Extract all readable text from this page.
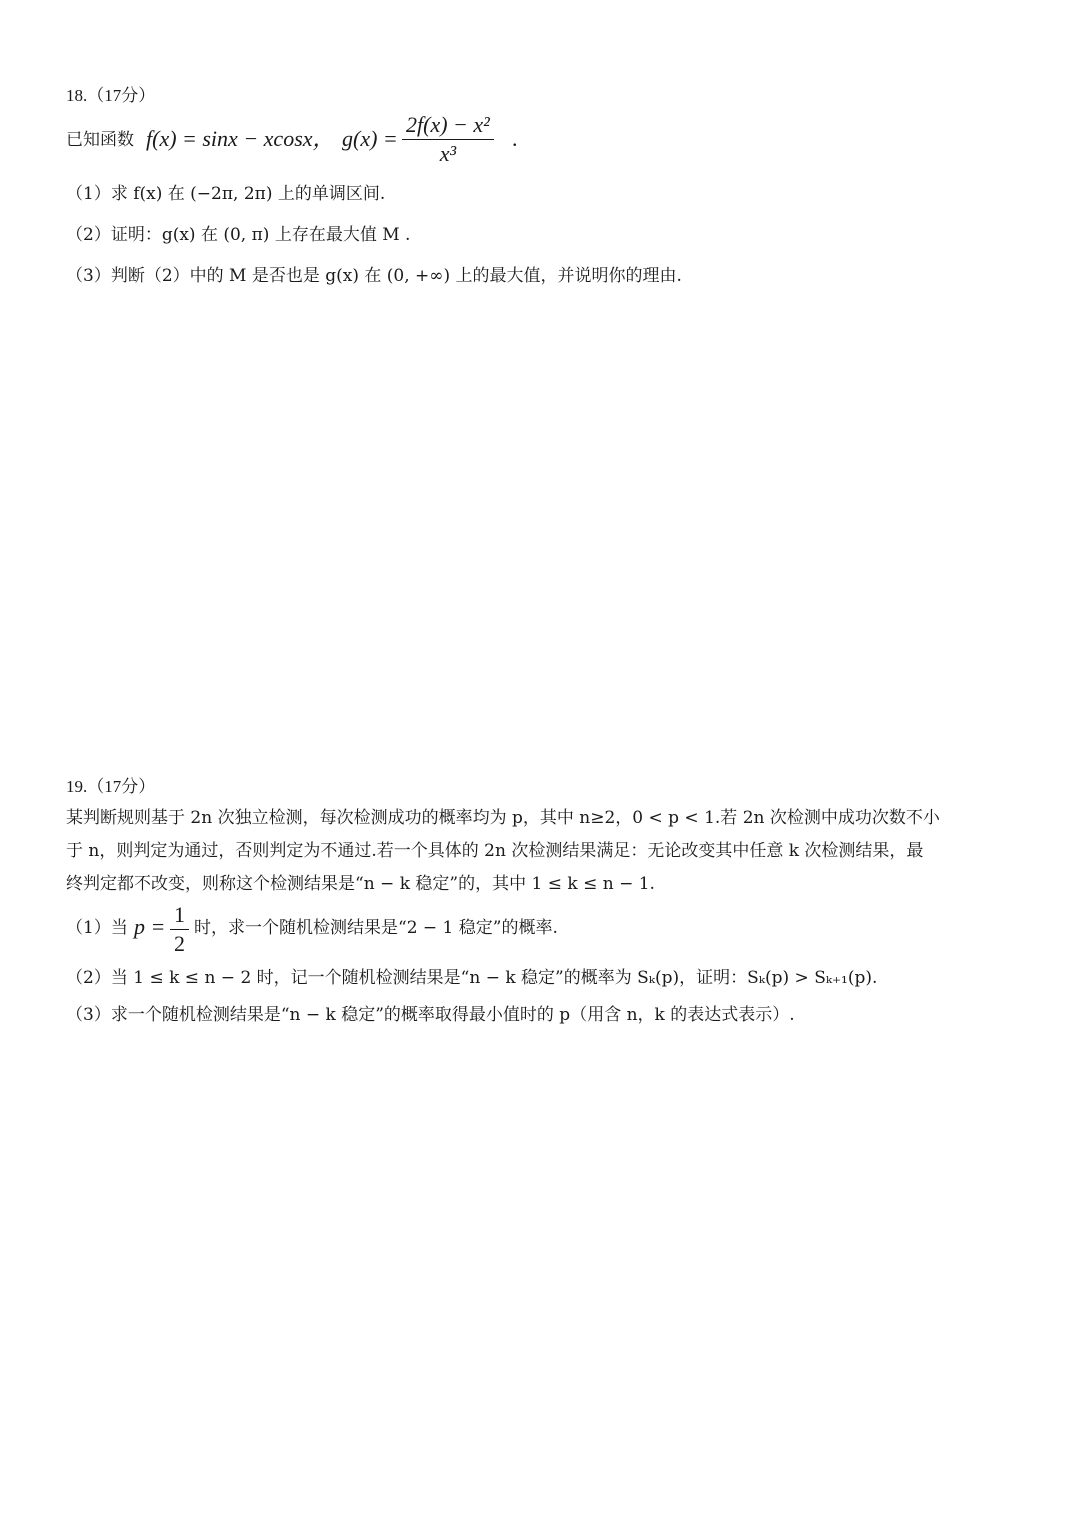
18.（17分）
已知函数 f(x) = sinx − xcosx， $g(x) = \frac{\text{2f(x) − x²}}{\text{x³}}$ .
（1）求 f(x) 在 (−2π, 2π) 上的单调区间.
（2）证明：g(x) 在 (0, π) 上存在最大值 M .
（3）判断（2）中的 M 是否也是 g(x) 在 (0, +∞) 上的最大值，并说明你的理由.
19.（17分）
某判断规则基于 2n 次独立检测，每次检测成功的概率均为 p，其中 n≥2，0 < p < 1.若 2n 次检测中成功次数不小
于 n，则判定为通过，否则判定为不通过.若一个具体的 2n 次检测结果满足：无论改变其中任意 k 次检测结果，最
终判定都不改变，则称这个检测结果是“n − k 稳定”的，其中 1 ≤ k ≤ n − 1.
（1）当 $p = \frac{1}{2}$ 时，求一个随机检测结果是“2 − 1 稳定”的概率.
（2）当 1 ≤ k ≤ n − 2 时，记一个随机检测结果是“n − k 稳定”的概率为 Sₖ(p)，证明：Sₖ(p) > Sₖ₊₁(p).
（3）求一个随机检测结果是“n − k 稳定”的概率取得最小值时的 p（用含 n，k 的表达式表示）.
